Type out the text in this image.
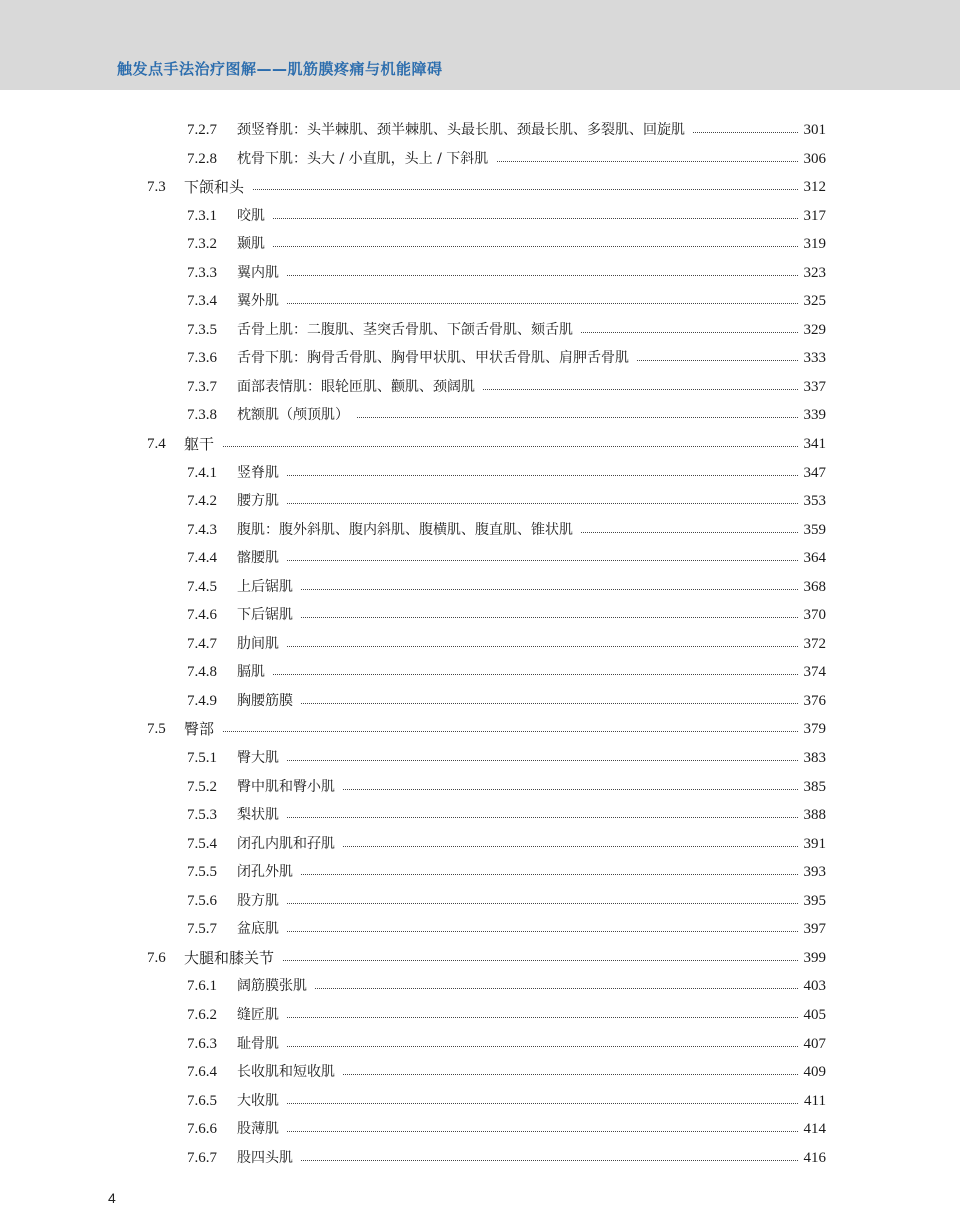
触发点手法治疗图解——肌筋膜疼痛与机能障碍
7.2.7 颈竖脊肌：头半棘肌、颈半棘肌、头最长肌、颈最长肌、多裂肌、回旋肌	301
7.2.8 枕骨下肌：头大 / 小直肌，头上 / 下斜肌	306
7.3 下颌和头	312
7.3.1 咬肌	317
7.3.2 颞肌	319
7.3.3 翼内肌	323
7.3.4 翼外肌	325
7.3.5 舌骨上肌：二腹肌、茎突舌骨肌、下颌舌骨肌、颏舌肌	329
7.3.6 舌骨下肌：胸骨舌骨肌、胸骨甲状肌、甲状舌骨肌、肩胛舌骨肌	333
7.3.7 面部表情肌：眼轮匝肌、颧肌、颈阔肌	337
7.3.8 枕额肌（颅顶肌）	339
7.4 躯干	341
7.4.1 竖脊肌	347
7.4.2 腰方肌	353
7.4.3 腹肌：腹外斜肌、腹内斜肌、腹横肌、腹直肌、锥状肌	359
7.4.4 髂腰肌	364
7.4.5 上后锯肌	368
7.4.6 下后锯肌	370
7.4.7 肋间肌	372
7.4.8 膈肌	374
7.4.9 胸腰筋膜	376
7.5 臀部	379
7.5.1 臀大肌	383
7.5.2 臀中肌和臀小肌	385
7.5.3 梨状肌	388
7.5.4 闭孔内肌和孖肌	391
7.5.5 闭孔外肌	393
7.5.6 股方肌	395
7.5.7 盆底肌	397
7.6 大腿和膝关节	399
7.6.1 阔筋膜张肌	403
7.6.2 缝匠肌	405
7.6.3 耻骨肌	407
7.6.4 长收肌和短收肌	409
7.6.5 大收肌	411
7.6.6 股薄肌	414
7.6.7 股四头肌	416
4
